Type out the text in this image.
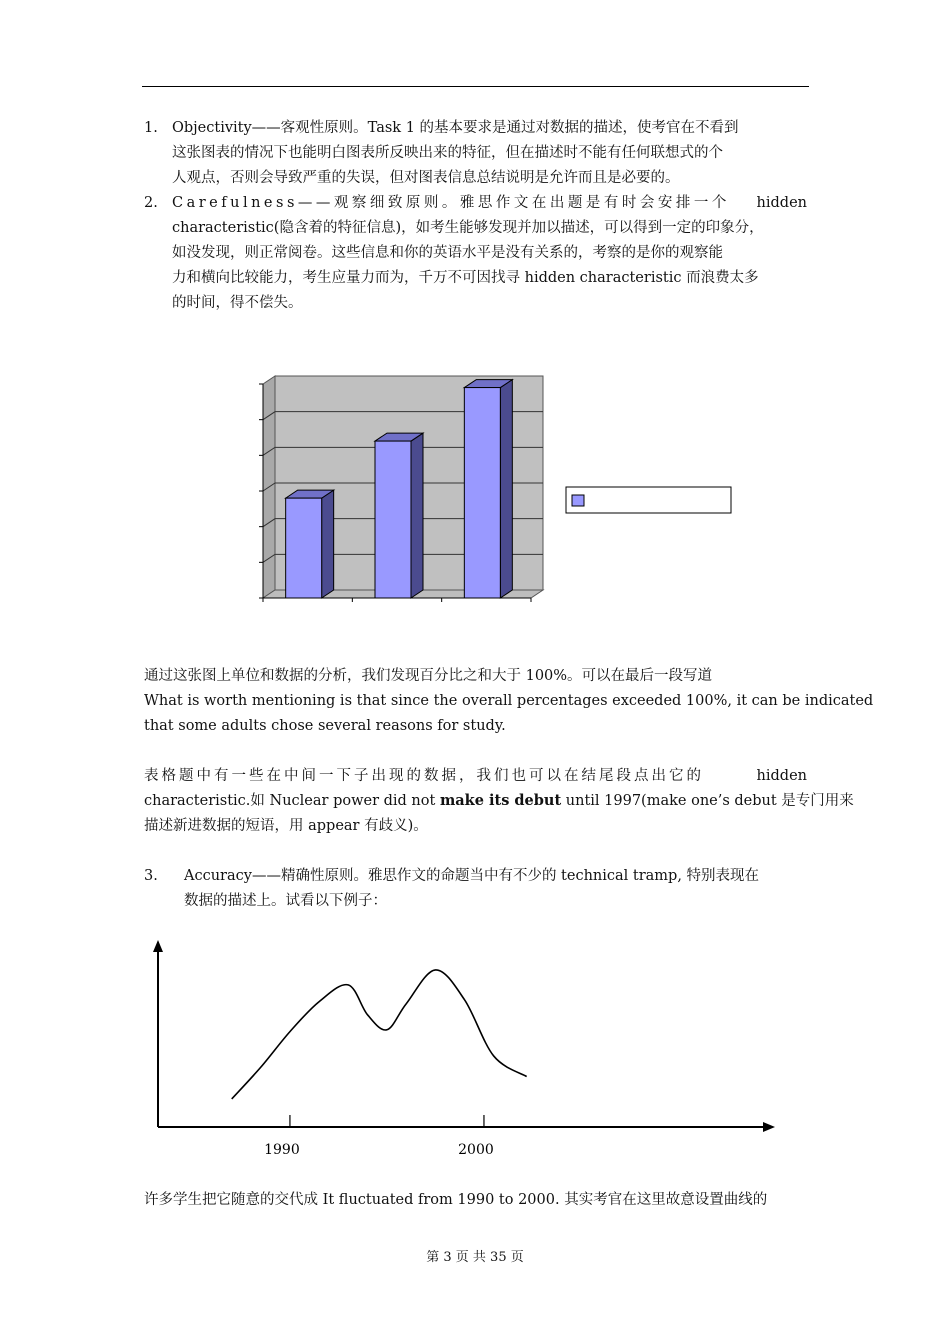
1. Objectivity——客观性原则。Task 1 的基本要求是通过对数据的描述，使考官在不看到
这张图表的情况下也能明白图表所反映出来的特征，但在描述时不能有任何联想式的个
人观点，否则会导致严重的失误，但对图表信息总结说明是允许而且是必要的。
2. Carefulness——观察细致原则。雅思作文在出题是有时会安排一个 hidden
characteristic(隐含着的特征信息)，如考生能够发现并加以描述，可以得到一定的印象分，
如没发现，则正常阅卷。这些信息和你的英语水平是没有关系的，考察的是你的观察能
力和横向比较能力，考生应量力而为，千万不可因找寻 hidden characteristic 而浪费太多
的时间，得不偿失。
通过这张图上单位和数据的分析，我们发现百分比之和大于 100%。可以在最后一段写道
What is worth mentioning is that since the overall percentages exceeded 100%, it can be indicated
that some adults chose several reasons for study.
表格题中有一些在中间一下子出现的数据，我们也可以在结尾段点出它的	hidden
characteristic.如 Nuclear power did not make its debut until 1997(make one’s debut 是专门用来
描述新进数据的短语，用 appear 有歧义)。
3. Accuracy——精确性原则。雅思作文的命题当中有不少的 technical tramp, 特别表现在
数据的描述上。试看以下例子：
1990	2000
许多学生把它随意的交代成 It fluctuated from 1990 to 2000. 其实考官在这里故意设置曲线的
第 3 页 共 35 页
